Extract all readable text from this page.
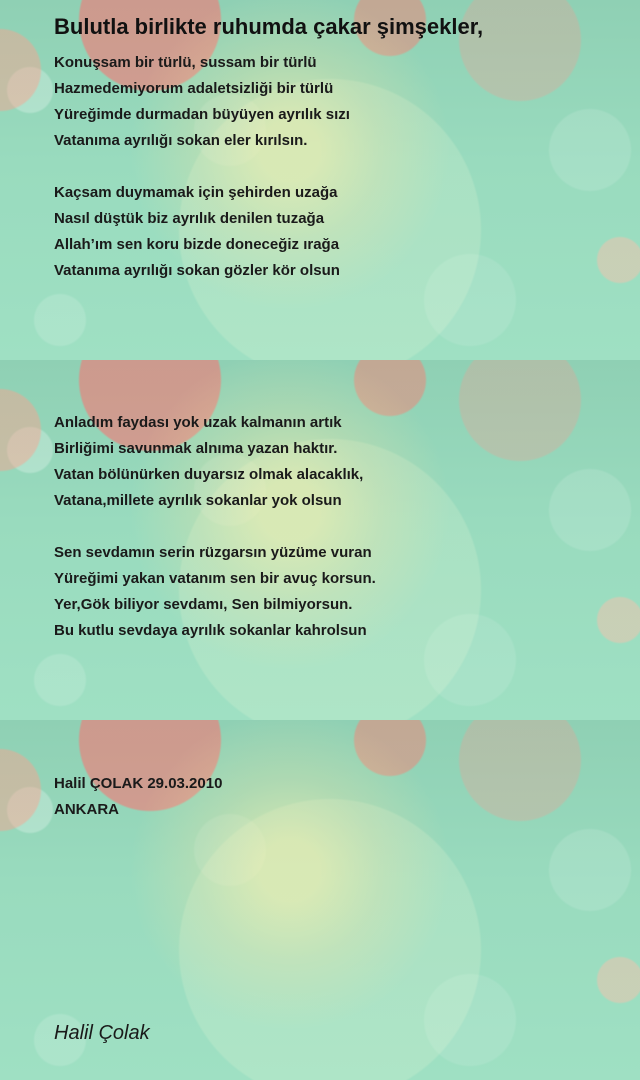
Bulutla birlikte ruhumda çakar şimşekler,
Konuşsam bir türlü, sussam bir türlü
Hazmedemiyorum adaletsizliği bir türlü
Yüreğimde durmadan büyüyen ayrılık sızı
Vatanıma ayrılığı sokan eler kırılsın.
Kaçsam duymamak için şehirden uzağa
Nasıl düştük biz ayrılık denilen tuzağa
Allah’ım sen koru bizde doneceğiz ırağa
Vatanıma ayrılığı sokan gözler kör olsun
Anladım faydası yok uzak kalmanın artık
Birliğimi savunmak alnıma yazan haktır.
Vatan bölünürken duyarsız olmak alacaklık,
Vatana,millete ayrılık sokanlar yok olsun
Sen sevdamın serin rüzgarsın yüzüme vuran
Yüreğimi yakan vatanım sen bir avuç korsun.
Yer,Gök biliyor sevdamı, Sen bilmiyorsun.
Bu kutlu sevdaya ayrılık sokanlar kahrolsun
Halil ÇOLAK 29.03.2010
ANKARA
Halil Çolak
